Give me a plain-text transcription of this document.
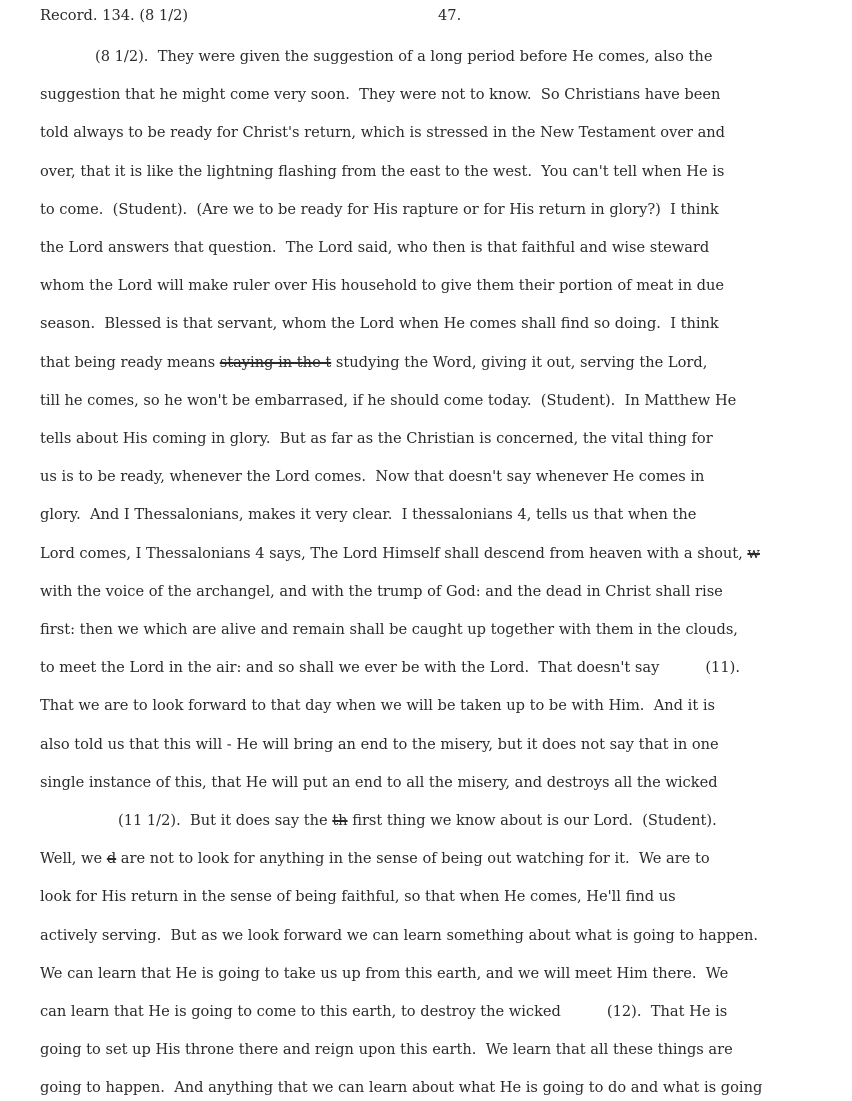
Record. 134. (8 1/2)	47.
(8 1/2).  They were given the suggestion of a long period before He comes, also the
suggestion that he might come very soon.  They were not to know.  So Christians have been
told always to be ready for Christ's return, which is stressed in the New Testament over and
over, that it is like the lightning flashing from the east to the west.  You can't tell when He is
to come.  (Student).  (Are we to be ready for His rapture or for His return in glory?)  I think
the Lord answers that question.  The Lord said, who then is that faithful and wise steward
whom the Lord will make ruler over His household to give them their portion of meat in due
season.  Blessed is that servant, whom the Lord when He comes shall find so doing.  I think
that being ready means staying in the t studying the Word, giving it out, serving the Lord,
till he comes, so he won't be embarrased, if he should come today.  (Student).  In Matthew He
tells about His coming in glory.  But as far as the Christian is concerned, the vital thing for
us is to be ready, whenever the Lord comes.  Now that doesn't say whenever He comes in
glory.  And I Thessalonians, makes it very clear.  I thessalonians 4, tells us that when the
Lord comes, I Thessalonians 4 says, The Lord Himself shall descend from heaven with a shout, w
with the voice of the archangel, and with the trump of God: and the dead in Christ shall rise
first: then we which are alive and remain shall be caught up together with them in the clouds,
to meet the Lord in the air: and so shall we ever be with the Lord.  That doesn't say	(11).
That we are to look forward to that day when we will be taken up to be with Him.  And it is
also told us that this will - He will bring an end to the misery, but it does not say that in one
single instance of this, that He will put an end to all the misery, and destroys all the wicked
(11 1/2).  But it does say the th first thing we know about is our Lord.  (Student).
Well, we d are not to look for anything in the sense of being out watching for it.  We are to
look for His return in the sense of being faithful, so that when He comes, He'll find us
actively serving.  But as we look forward we can learn something about what is going to happen.
We can learn that He is going to take us up from this earth, and we will meet Him there.  We
can learn that He is going to come to this earth, to destroy the wicked	(12).  That He is
going to set up His throne there and reign upon this earth.  We learn that all these things are
going to happen.  And anything that we can learn about what He is going to do and what is going
